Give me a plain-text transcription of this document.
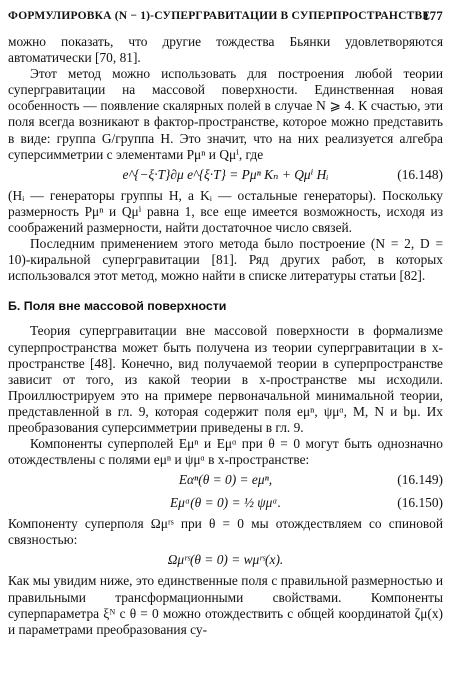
ФОРМУЛИРОВКА (N − 1)-СУПЕРГРАВИТАЦИИ В СУПЕРПРОСТРАНСТВЕ
177

можно показать, что другие тождества Бьянки удовлетворяются автоматически [70, 81].

Этот метод можно использовать для построения любой теории супергравитации на массовой поверхности. Единственная новая особенность — появление скалярных полей в случае N ⩾ 4. К счастью, эти поля всегда возникают в фактор-пространстве, которое можно представить в виде: группа G/группа H. Это значит, что на них реализуется алгебра суперсимметрии с элементами Pμⁿ и Qμⁱ, где

e^{−ξ·T}∂μ e^{ξ·T} = Pμⁿ Kₙ + Qμⁱ Hᵢ	(16.148)

(Hᵢ — генераторы группы H, а Kᵢ — остальные генераторы). Поскольку размерность Pμⁿ и Qμⁱ равна 1, все еще имеется возможность, исходя из соображений размерности, найти достаточное число связей.

Последним применением этого метода было построение (N = 2, D = 10)-киральной супергравитации [81]. Ряд других работ, в которых использовался этот метод, можно найти в списке литературы статьи [82].

Б. Поля вне массовой поверхности

Теория супергравитации вне массовой поверхности в формализме суперпространства может быть получена из теории супергравитации в x-пространстве [48]. Конечно, вид получаемой теории в суперпространстве зависит от того, из какой теории в x-пространстве мы исходили. Проиллюстрируем это на примере первоначальной минимальной теории, представленной в гл. 9, которая содержит поля eμⁿ, ψμᵅ, M, N и bμ. Их преобразования суперсимметрии приведены в гл. 9.

Компоненты суперполей Eμⁿ и Eμᵅ при θ = 0 могут быть однозначно отождествлены с полями eμⁿ и ψμᵅ в x-пространстве:

Eαⁿ(θ = 0) = eμⁿ,	(16.149)
Eμᵅ(θ = 0) = ½ ψμᵅ.	(16.150)

Компоненту суперполя Ωμʳˢ при θ = 0 мы отождествляем со спиновой связностью:

Ωμʳˢ(θ = 0) = wμʳˢ(x).

Как мы увидим ниже, это единственные поля с правильной размерностью и правильными трансформационными свойствами. Компоненты суперпараметра ξᴺ с θ = 0 можно отождествить с общей координатой ζμ(x) и параметрами преобразования су-
